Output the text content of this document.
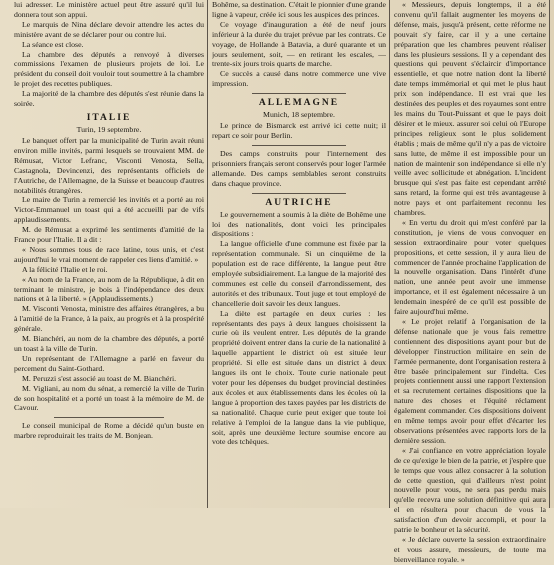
lui adresser. Le ministère actuel peut être assuré qu'il lui donnera tout son appui.

Le marquis de Nina déclare devoir attendre les actes du ministère avant de se déclarer pour ou contre lui.

La séance est close.

La chambre des députés a renvoyé à diverses commissions l'examen de plusieurs projets de loi. Le président du conseil doit vouloir tout soumettre à la chambre le projet des recettes publiques.

La majorité de la chambre des députés s'est réunie dans la soirée.

ITALIE
Turin, 19 septembre.

Le banquet offert par la municipalité de Turin avait réuni environ mille invités, parmi lesquels se trouvaient MM. de Rémusat, Victor Lefranc, Visconti Venosta, Sella, Castagnola, Devincenzi, des représentants officiels de l'Autriche, de l'Allemagne, de la Suisse et beaucoup d'autres notabilités étrangères.

Le maire de Turin a remercié les invités et a porté au roi Victor-Emmanuel un toast qui a été accueilli par de vifs applaudissements.

M. de Rémusat a exprimé les sentiments d'amitié de la France pour l'Italie. Il a dit :

« Nous sommes tous de race latine, tous unis, et c'est aujourd'hui le vrai moment de rappeler ces liens d'amitié. »

A la félicité l'Italie et le roi.

« Au nom de la France, au nom de la République, à dit en terminant le ministre, je bois à l'indépendance des deux nations et à la liberté. » (Applaudissements.)

M. Visconti Venosta, ministre des affaires étrangères, a bu à l'amitié de la France, à la paix, au progrès et à la prospérité générale.

M. Bianchéri, au nom de la chambre des députés, a porté un toast à la ville de Turin.

Un représentant de l'Allemagne a parlé en faveur du percement du Saint-Gothard.

M. Peruzzi s'est associé au toast de M. Bianchéri.

M. Vigliani, au nom du sénat, a remercié la ville de Turin de son hospitalité et a porté un toast à la mémoire de M. de Cavour.

Le conseil municipal de Rome a décidé qu'un buste en marbre reproduirait les traits de M. Bonjean.

Bohême, sa destination. C'était le pionnier d'une grande ligne à vapeur, créée ici sous les auspices des princes.

Ce voyage d'inauguration a été de neuf jours inférieur à la durée du trajet prévue par les contrats. Ce voyage, de Hollande à Batavia, a duré quarante et un jours seulement, soit, — en retirant les escales, — trente-six jours trois quarts de marche.

Ce succès a causé dans notre commerce une vive impression.

ALLEMAGNE
Munich, 18 septembre.

Le prince de Bismarck est arrivé ici cette nuit; il repart ce soir pour Berlin.

Des camps construits pour l'internement des prisonniers français seront conservés pour loger l'armée allemande. Des camps semblables seront construits dans chaque province.

AUTRICHE

Le gouvernement a soumis à la diète de Bohême une loi des nationalités, dont voici les principales dispositions :

La langue officielle d'une commune est fixée par la représentation communale. Si un cinquième de la population est de race différente, la langue peut être employée subsidiairement. La langue de la majorité des communes est celle du conseil d'arrondissement, des autorités et des tribunaux. Tout juge et tout employé de chancellerie doit savoir les deux langues.

La diète est partagée en deux curies : les représentants des pays à deux langues choisissent la curie où ils veulent entrer. Les députés de la grande propriété doivent entrer dans la curie de la nationalité à laquelle appartient le district où est située leur propriété. Si elle est située dans un district à deux langues ils ont le choix. Toute curie nationale peut voter pour les dépenses du budget provincial destinées aux écoles et aux établissements dans les écoles où la langue à proportion des taxes payées par les districts de sa nationalité. Chaque curie peut exiger que toute loi relative à l'emploi de la langue dans la vie publique, soit, après une deuxième lecture soumise encore au vote des tchèques.

« Messieurs, depuis longtemps, il a été convenu qu'il fallait augmenter les moyens de défense, mais, jusqu'à présent, cette réforme ne pouvait s'y faire, car il y a une certaine préparation que les chambres peuvent réaliser dans les plusieurs sessions. Il y a cependant des questions qui peuvent s'éclaircir d'importance essentielle, et que notre nation dont la liberté date temps immémorial et qui met le plus haut prix son indépendance. Il est vrai que les destinées des peuples et des royaumes sont entre les mains du Tout-Puissant et que le pays doit désirer et le mieux. assurer soi celui où l'Europe principes religieux sont le plus solidement établis ; mais de même qu'il n'y a pas de victoire sans lutte, de même il est impossible pour un nation de maintenir son indépendance si elle n'y veille avec sollicitude et abnégation. L'incident brusque qui s'est pas faite est cependant arrêté sans retard, la forme qui est très avantageuse à notre pays et ont parfaitement reconnu les chambres.

« En vertu du droit qui m'est conféré par la constitution, je viens de vous convoquer en session extraordinaire pour voter quelques propositions, et cette session, il y aura lieu de commencer de l'année prochaine l'application de la nouvelle organisation. Dans l'intérêt d'une nation, une année peut avoir une immense importance, et il est également nécessaire à un lendemain inespéré de ce qu'il est possible de faire aujourd'hui même.

« Le projet relatif à l'organisation de la défense nationale que je vous fais remettre contiennent des dispositions ayant pour but de développer l'instruction militaire en sein de l'armée permanente, dont l'organisation restera à être basée principalement sur l'indelta. Ces projets contiennent aussi une rapport l'extension et sa recrutement certaines dispositions que la nature des choses et l'équité réclament également commander. Ces dispositions doivent en même temps avoir pour effet d'écarter les observations présentées avec rapports lors de la dernière session.

« J'ai confiance en votre appréciation loyale de ce qu'exige le bien de la patrie, et j'espère que le temps que vous allez consacrer à la solution de cette question, qui d'ailleurs n'est point nouvelle pour vous, ne sera pas perdu mais qu'elle recevra une solution définitive qui aura el en résultera pour chacun de vous la satisfaction d'un devoir accompli, et pour la patrie le bonheur et la sécurité.

« Je déclare ouverte la session extraordinaire et vous assure, messieurs, de toute ma bienveillance royale. »
